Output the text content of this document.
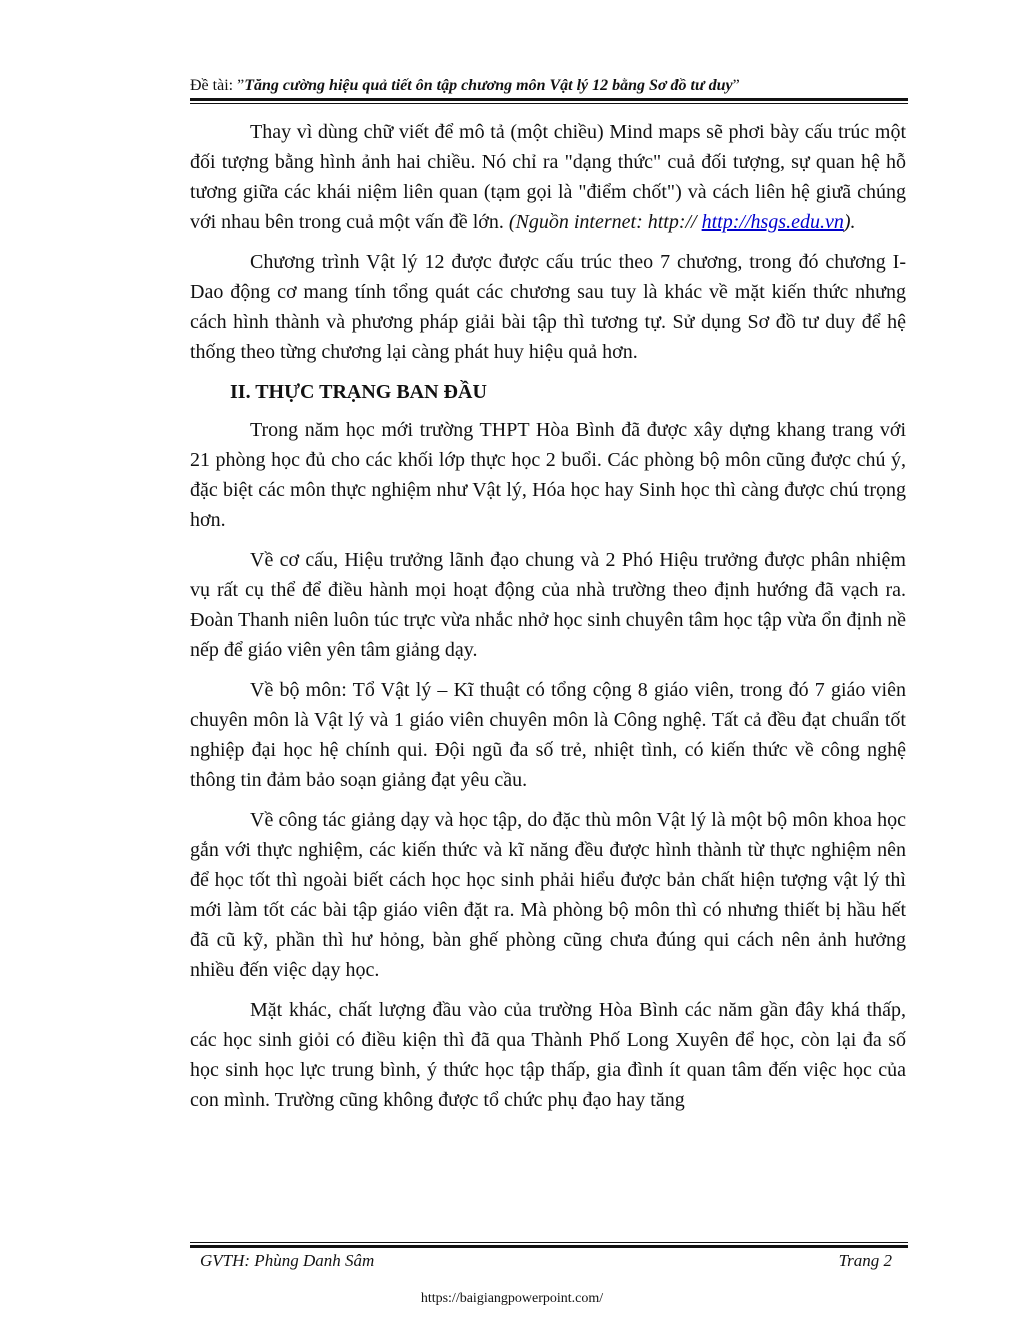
Đề tài: ”Tăng cường hiệu quả tiết ôn tập chương môn Vật lý 12 bằng Sơ đồ tư duy”

Thay vì dùng chữ viết để mô tả (một chiều) Mind maps sẽ phơi bày cấu trúc một đối tượng bằng hình ảnh hai chiều. Nó chỉ ra "dạng thức" cuả đối tượng, sự quan hệ hỗ tương giữa các khái niệm liên quan (tạm gọi là "điểm chốt") và cách liên hệ giưã chúng với nhau bên trong cuả một vấn đề lớn. (Nguồn internet: http:// http://hsgs.edu.vn).

Chương trình Vật lý 12 được được cấu trúc theo 7 chương, trong đó chương I- Dao động cơ mang tính tổng quát các chương sau tuy là khác về mặt kiến thức nhưng cách hình thành và phương pháp giải bài tập thì tương tự. Sử dụng Sơ đồ tư duy để hệ thống theo từng chương lại càng phát huy hiệu quả hơn.

II. THỰC TRẠNG BAN ĐẦU

Trong năm học mới trường THPT Hòa Bình đã được xây dựng khang trang với 21 phòng học đủ cho các khối lớp thực học 2 buổi. Các phòng bộ môn cũng được chú ý, đặc biệt các môn thực nghiệm như Vật lý, Hóa học hay Sinh học thì càng được chú trọng hơn.

Về cơ cấu, Hiệu trưởng lãnh đạo chung và 2 Phó Hiệu trưởng được phân nhiệm vụ rất cụ thể để điều hành mọi hoạt động của nhà trường theo định hướng đã vạch ra. Đoàn Thanh niên luôn túc trực vừa nhắc nhở học sinh chuyên tâm học tập vừa ổn định nề nếp để giáo viên yên tâm giảng dạy.

Về bộ môn: Tổ Vật lý – Kĩ thuật có tổng cộng 8 giáo viên, trong đó 7 giáo viên chuyên môn là Vật lý và 1 giáo viên chuyên môn là Công nghệ. Tất cả đều đạt chuẩn tốt nghiệp đại học hệ chính qui. Đội ngũ đa số trẻ, nhiệt tình, có kiến thức về công nghệ thông tin đảm bảo soạn giảng đạt yêu cầu.

Về công tác giảng dạy và học tập, do đặc thù môn Vật lý là một bộ môn khoa học gắn với thực nghiệm, các kiến thức và kĩ năng đều được hình thành từ thực nghiệm nên để học tốt thì ngoài biết cách học học sinh phải hiểu được bản chất hiện tượng vật lý thì mới làm tốt các bài tập giáo viên đặt ra. Mà phòng bộ môn thì có nhưng thiết bị hầu hết đã cũ kỹ, phần thì hư hỏng, bàn ghế phòng cũng chưa đúng qui cách nên ảnh hưởng nhiều đến việc dạy học.

Mặt khác, chất lượng đầu vào của trường Hòa Bình các năm gần đây khá thấp, các học sinh giỏi có điều kiện thì đã qua Thành Phố Long Xuyên để học, còn lại đa số học sinh học lực trung bình, ý thức học tập thấp, gia đình ít quan tâm đến việc học của con mình. Trường cũng không được tổ chức phụ đạo hay tăng

GVTH: Phùng Danh Sâm	Trang 2
https://baigiangpowerpoint.com/
